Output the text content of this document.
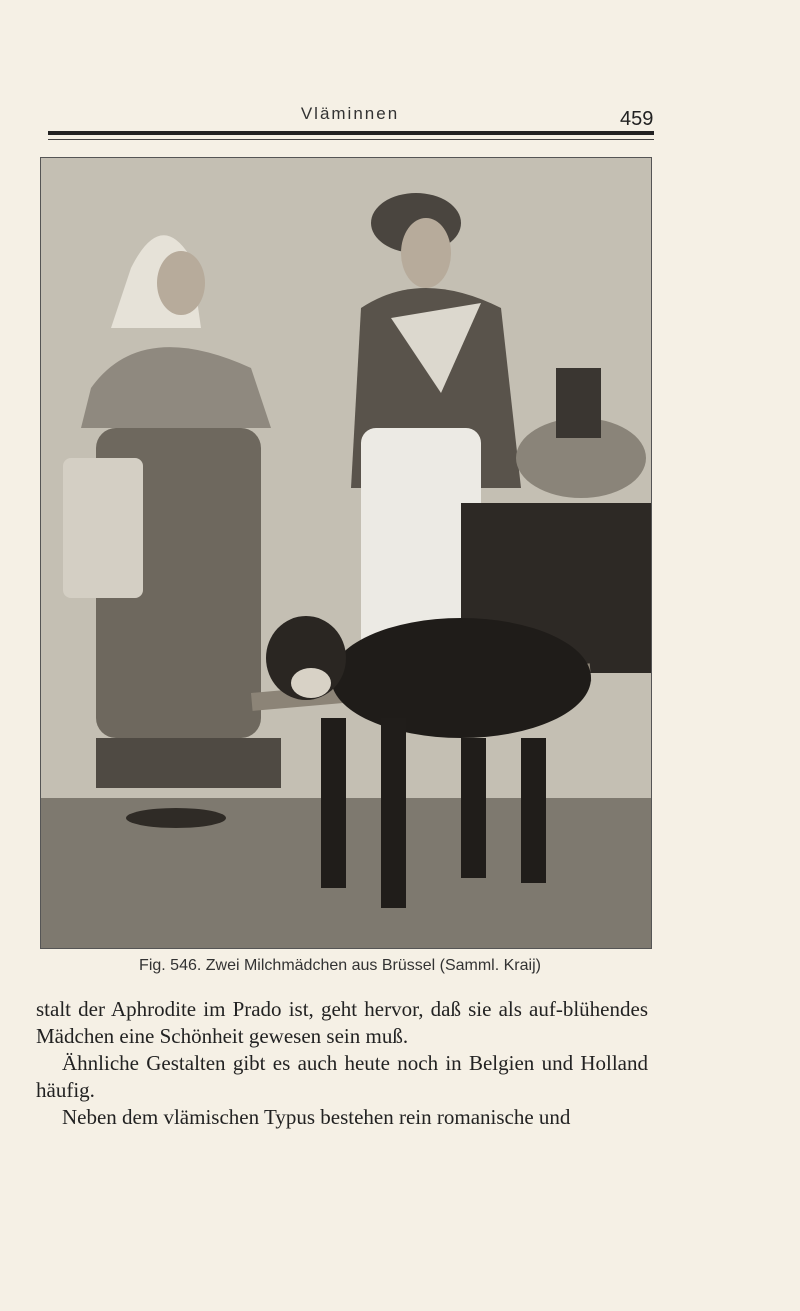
Vläminnen	459
Fig. 546. Zwei Milchmädchen aus Brüssel (Samml. Kraij)

stalt der Aphrodite im Prado ist, geht hervor, daß sie als auf-blühendes Mädchen eine Schönheit gewesen sein muß.

Ähnliche Gestalten gibt es auch heute noch in Belgien und Holland häufig.

Neben dem vlämischen Typus bestehen rein romanische und
